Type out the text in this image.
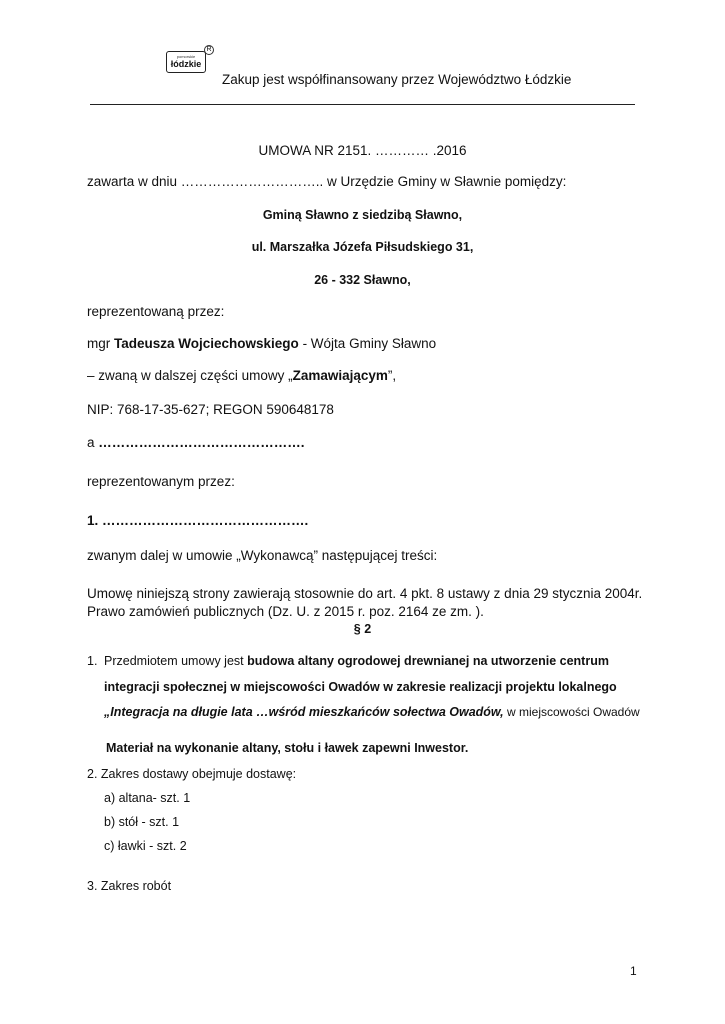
pomorskie
łódzkie
R
Zakup jest współfinansowany przez Województwo Łódzkie
UMOWA NR 2151. ………… .2016
zawarta w dniu ………………………….. w Urzędzie Gminy w Sławnie pomiędzy:
Gminą Sławno z siedzibą Sławno,
ul. Marszałka Józefa Piłsudskiego 31,
26 - 332 Sławno,
reprezentowaną przez:
mgr Tadeusza Wojciechowskiego - Wójta Gminy Sławno
– zwaną w dalszej części umowy „Zamawiającym”,
NIP: 768-17-35-627; REGON 590648178
a ……………………………………….
reprezentowanym przez:
1. ……………………………………….
zwanym dalej w umowie „Wykonawcą” następującej treści:
Umowę niniejszą strony zawierają stosownie do art. 4 pkt. 8 ustawy z dnia 29 stycznia 2004r.
Prawo zamówień publicznych (Dz. U. z 2015 r. poz. 2164 ze zm. ).
§ 2
1. Przedmiotem umowy jest budowa altany ogrodowej drewnianej na utworzenie centrum
integracji społecznej w miejscowości Owadów w zakresie realizacji projektu lokalnego
„Integracja na długie lata …wśród mieszkańców sołectwa Owadów, w miejscowości Owadów
Materiał na wykonanie altany, stołu i ławek zapewni Inwestor.
2. Zakres dostawy obejmuje dostawę:
a) altana- szt. 1
b) stół - szt. 1
c) ławki - szt. 2
3. Zakres robót
1
